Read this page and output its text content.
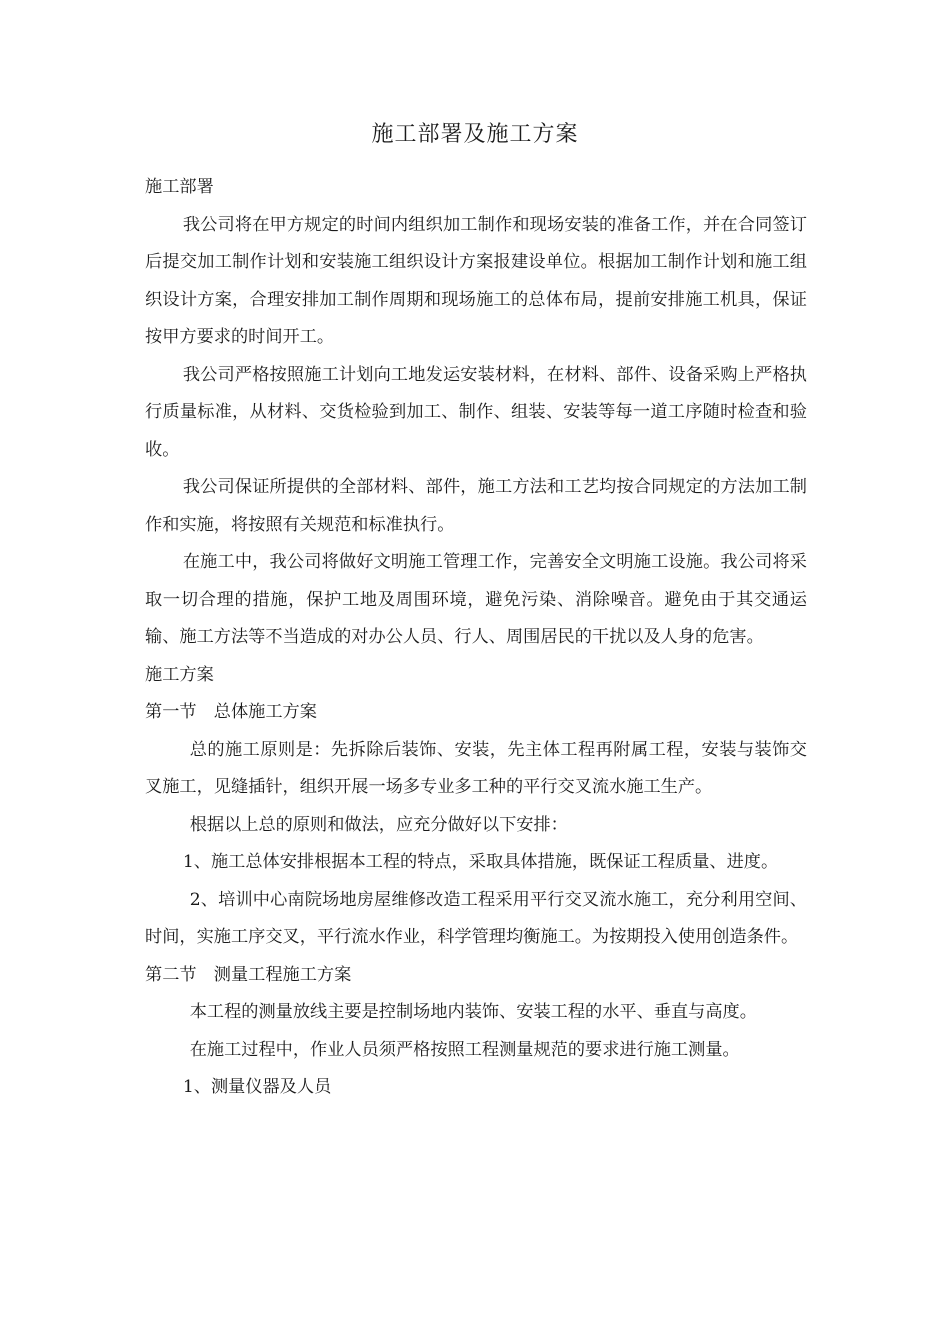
施工部署及施工方案

施工部署

我公司将在甲方规定的时间内组织加工制作和现场安装的准备工作，并在合同签订后提交加工制作计划和安装施工组织设计方案报建设单位。根据加工制作计划和施工组织设计方案，合理安排加工制作周期和现场施工的总体布局，提前安排施工机具，保证按甲方要求的时间开工。

我公司严格按照施工计划向工地发运安装材料，在材料、部件、设备采购上严格执行质量标准，从材料、交货检验到加工、制作、组装、安装等每一道工序随时检查和验收。

我公司保证所提供的全部材料、部件，施工方法和工艺均按合同规定的方法加工制作和实施，将按照有关规范和标准执行。

在施工中，我公司将做好文明施工管理工作，完善安全文明施工设施。我公司将采取一切合理的措施，保护工地及周围环境，避免污染、消除噪音。避免由于其交通运输、施工方法等不当造成的对办公人员、行人、周围居民的干扰以及人身的危害。

施工方案

第一节　总体施工方案

总的施工原则是：先拆除后装饰、安装，先主体工程再附属工程，安装与装饰交叉施工，见缝插针，组织开展一场多专业多工种的平行交叉流水施工生产。

根据以上总的原则和做法，应充分做好以下安排：

1、施工总体安排根据本工程的特点，采取具体措施，既保证工程质量、进度。

2、培训中心南院场地房屋维修改造工程采用平行交叉流水施工，充分利用空间、时间，实施工序交叉，平行流水作业，科学管理均衡施工。为按期投入使用创造条件。

第二节　测量工程施工方案

本工程的测量放线主要是控制场地内装饰、安装工程的水平、垂直与高度。

在施工过程中，作业人员须严格按照工程测量规范的要求进行施工测量。

1、测量仪器及人员
